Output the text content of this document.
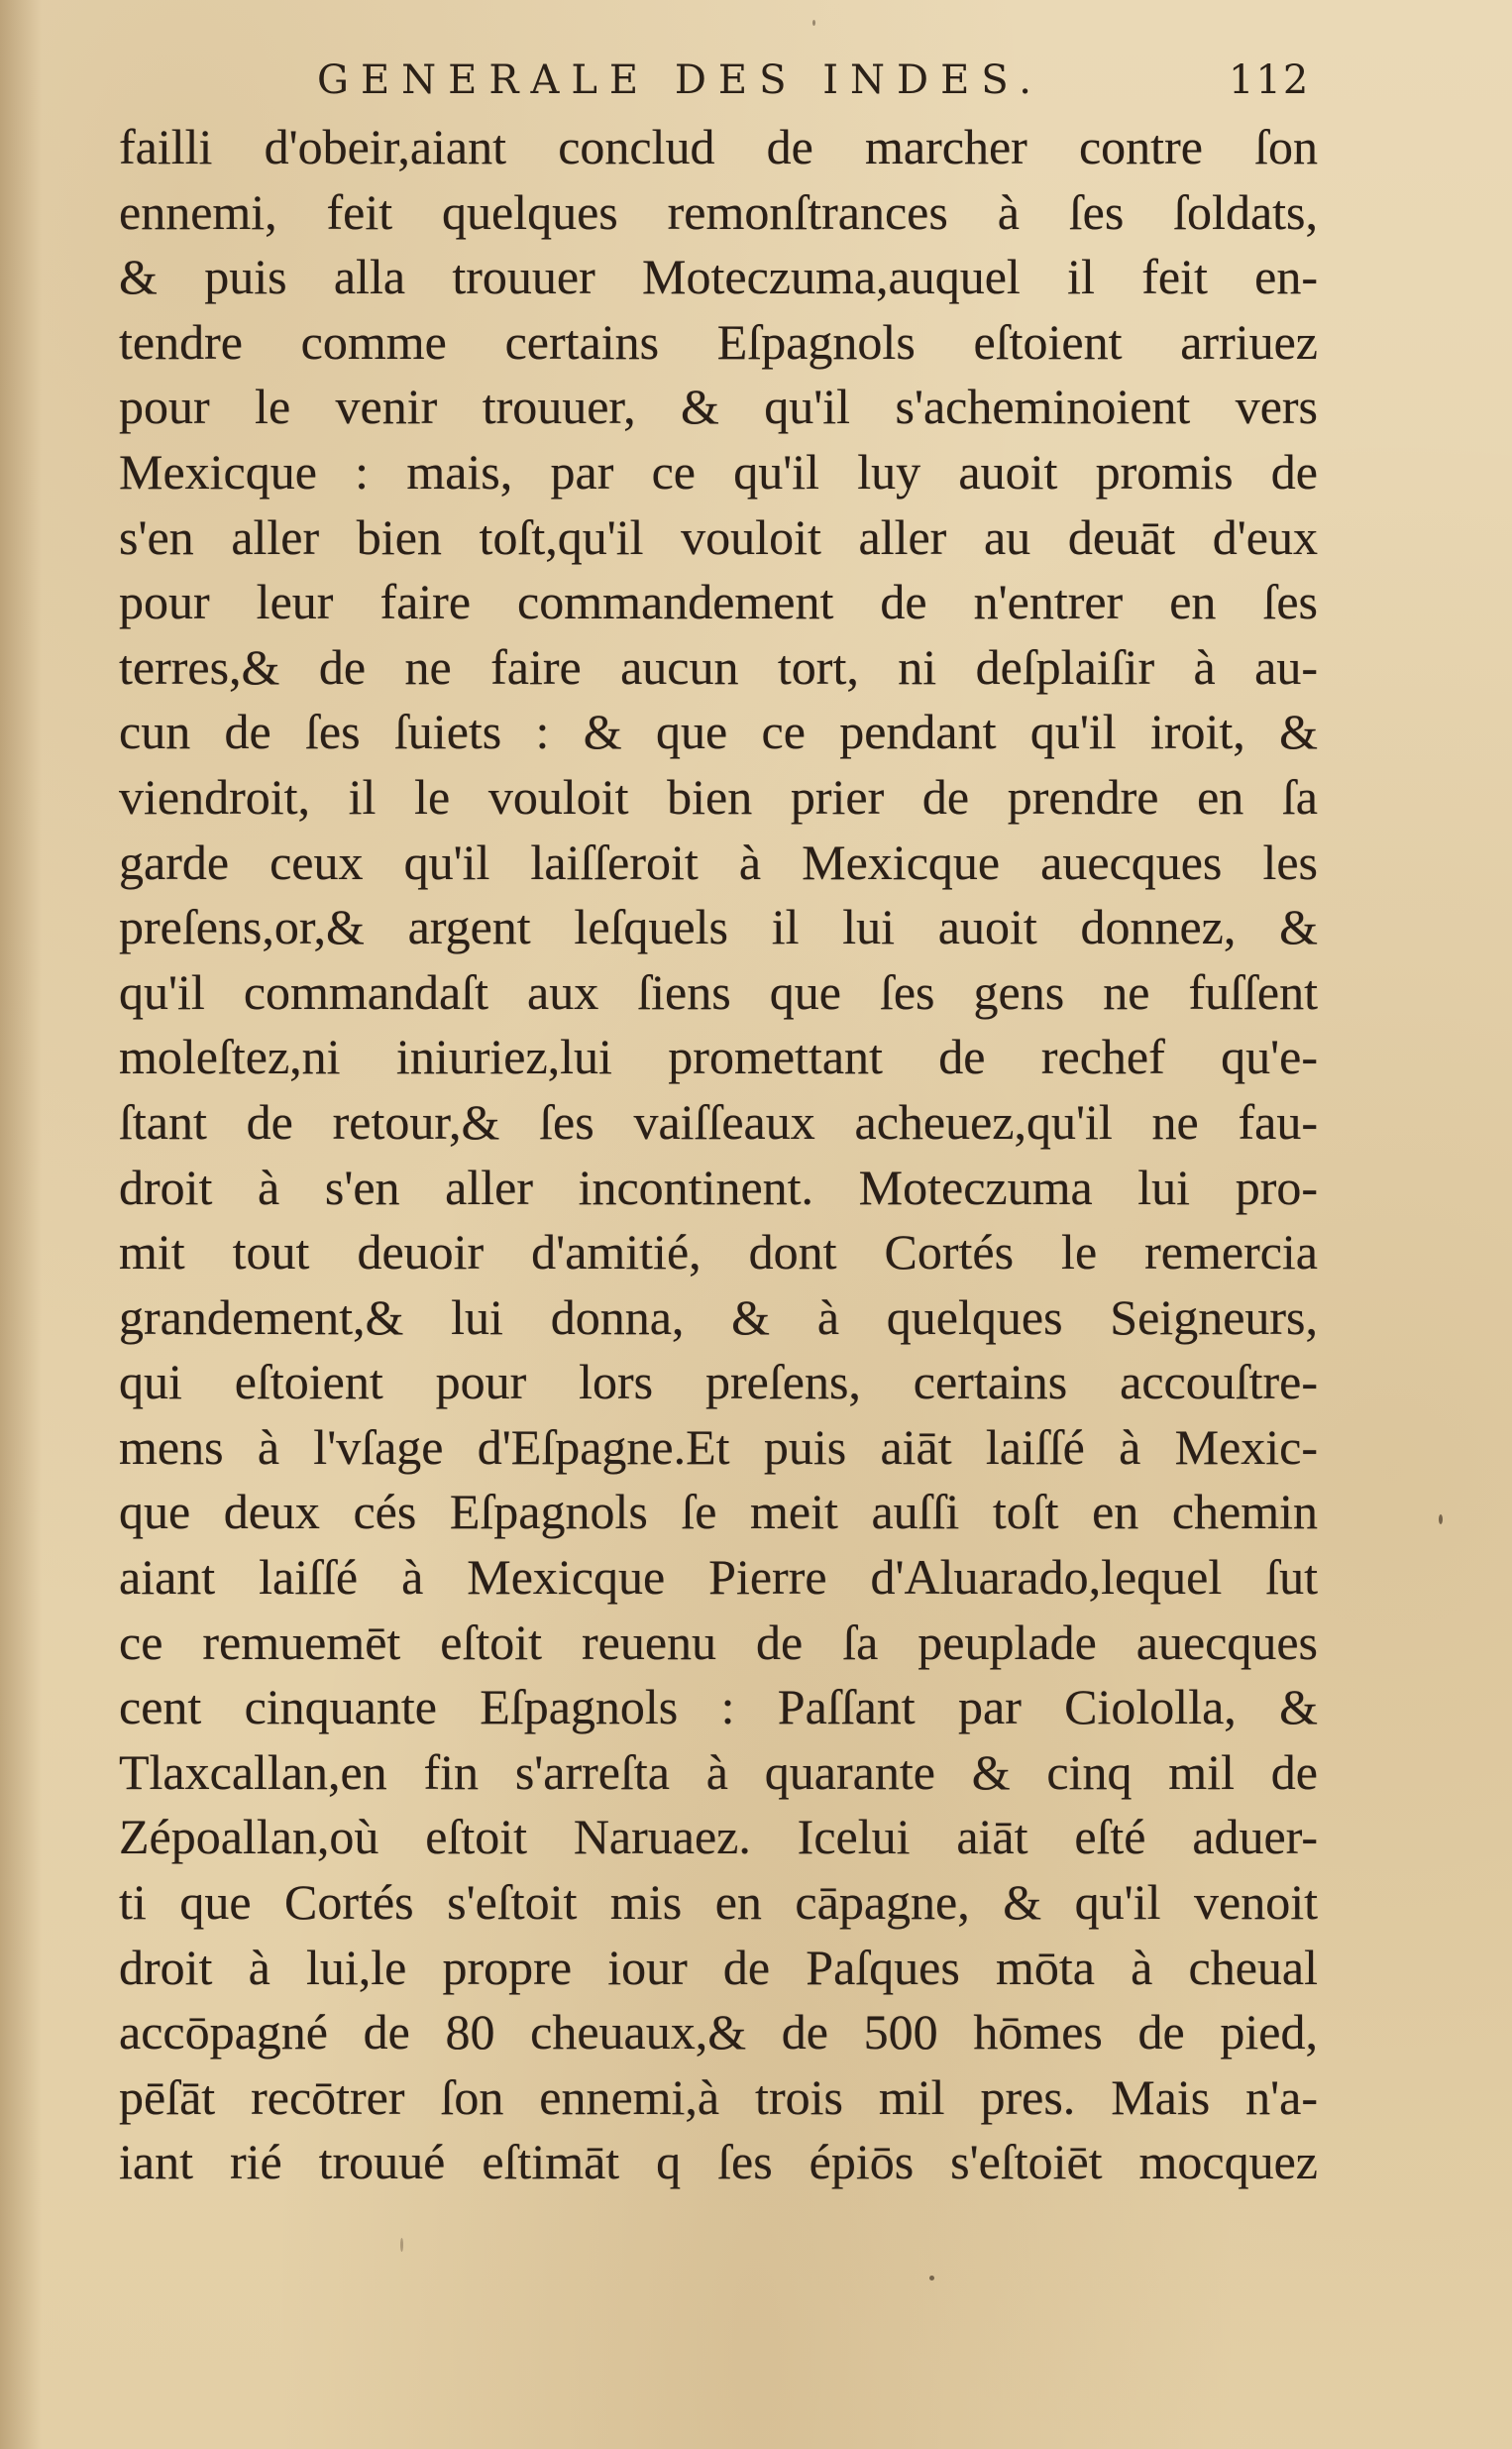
GENERALE DES INDES.	112
failli d'obeir,aiant conclud de marcher contre ſon
ennemi, feit quelques remonſtrances à ſes ſoldats,
& puis alla trouuer Moteczuma,auquel il feit en-
tendre comme certains Eſpagnols eſtoient arriuez
pour le venir trouuer, & qu'il s'acheminoient vers
Mexicque : mais, par ce qu'il luy auoit promis de
s'en aller bien toſt,qu'il vouloit aller au deuāt d'eux
pour leur faire commandement de n'entrer en ſes
terres,& de ne faire aucun tort, ni deſplaiſir à au-
cun de ſes ſuiets : & que ce pendant qu'il iroit, &
viendroit, il le vouloit bien prier de prendre en ſa
garde ceux qu'il laiſſeroit à Mexicque auecques les
preſens,or,& argent leſquels il lui auoit donnez, &
qu'il commandaſt aux ſiens que ſes gens ne fuſſent
moleſtez,ni iniuriez,lui promettant de rechef qu'e-
ſtant de retour,& ſes vaiſſeaux acheuez,qu'il ne fau-
droit à s'en aller incontinent. Moteczuma lui pro-
mit tout deuoir d'amitié, dont Cortés le remercia
grandement,& lui donna, & à quelques Seigneurs,
qui eſtoient pour lors preſens, certains accouſtre-
mens à l'vſage d'Eſpagne.Et puis aiāt laiſſé à Mexic-
que deux cés Eſpagnols ſe meit auſſi toſt en chemin
aiant laiſſé à Mexicque Pierre d'Aluarado,lequel ſut
ce remuemēt eſtoit reuenu de ſa peuplade auecques
cent cinquante Eſpagnols : Paſſant par Ciololla, &
Tlaxcallan,en fin s'arreſta à quarante & cinq mil de
Zépoallan,où eſtoit Naruaez. Icelui aiāt eſté aduer-
ti que Cortés s'eſtoit mis en cāpagne, & qu'il venoit
droit à lui,le propre iour de Paſques mōta à cheual
accōpagné de 80 cheuaux,& de 500 hōmes de pied,
pēſāt recōtrer ſon ennemi,à trois mil pres. Mais n'a-
iant rié trouué eſtimāt q ſes épiōs s'eſtoiēt mocquez
